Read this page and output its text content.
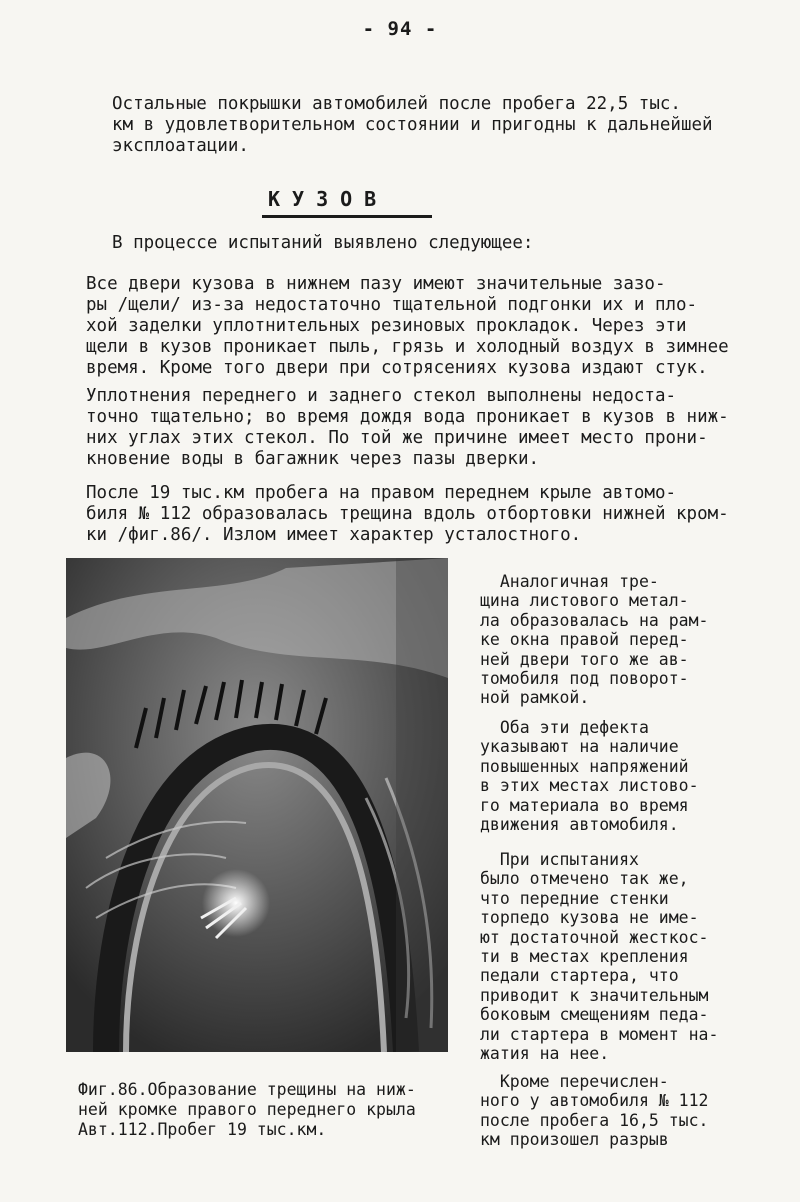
- 94 -
Остальные покрышки автомобилей после пробега 22,5 тыс.
км в удовлетворительном состоянии и пригодны к дальнейшей
эксплоатации.
КУЗОВ
В процессе испытаний выявлено следующее:
Все двери кузова в нижнем пазу имеют значительные зазо-
ры /щели/ из-за недостаточно тщательной подгонки их и пло-
хой заделки уплотнительных резиновых прокладок. Через эти
щели в кузов проникает пыль, грязь и холодный воздух в зимнее
время. Кроме того двери при сотрясениях кузова издают стук.
Уплотнения переднего и заднего стекол выполнены недоста-
точно тщательно; во время дождя вода проникает в кузов в ниж-
них углах этих стекол. По той же причине имеет место прони-
кновение воды в багажник через пазы дверки.
После 19 тыс.км пробега на правом переднем крыле автомо-
биля № 112 образовалась трещина вдоль отбортовки нижней кром-
ки /фиг.86/. Излом имеет характер усталостного.
Фиг.86.Образование трещины на ниж-
ней кромке правого переднего крыла
Авт.112.Пробег 19 тыс.км.
Аналогичная тре-
щина листового метал-
ла образовалась на рам-
ке окна правой перед-
ней двери того же ав-
томобиля под поворот-
ной рамкой.
Оба эти дефекта
указывают на наличие
повышенных напряжений
в этих местах листово-
го материала во время
движения автомобиля.
При испытаниях
было отмечено так же,
что передние стенки
торпедо кузова не име-
ют достаточной жесткос-
ти в местах крепления
педали стартера, что
приводит к значительным
боковым смещениям педа-
ли стартера в момент на-
жатия на нее.
Кроме перечислен-
ного у автомобиля № 112
после пробега 16,5 тыс.
км произошел разрыв
